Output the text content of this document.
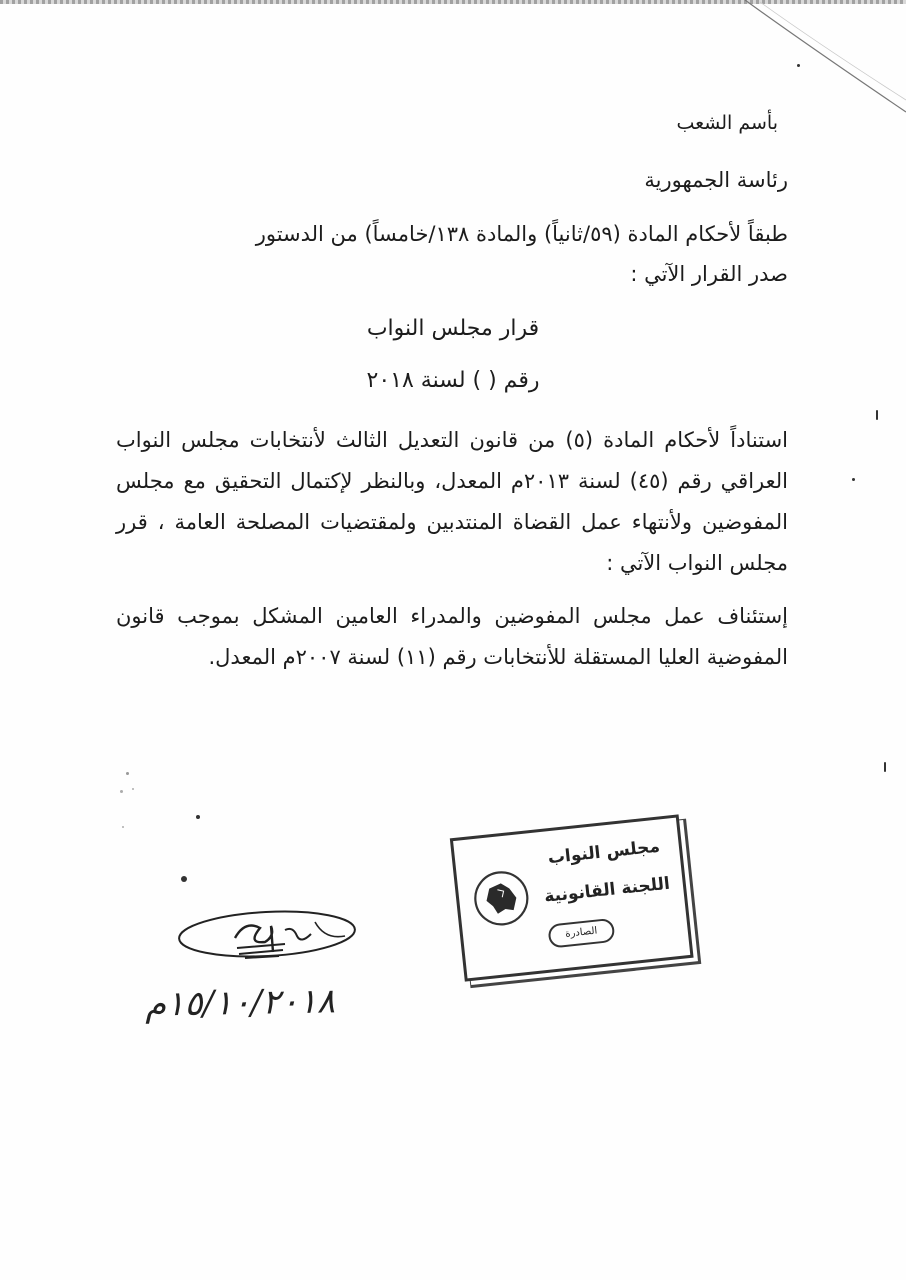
بأسم الشعب
رئاسة الجمهورية
طبقاً لأحكام المادة (٥٩/ثانياً) والمادة ١٣٨/خامساً) من الدستور
صدر القرار الآتي :
قرار مجلس النواب
رقم ( ) لسنة ٢٠١٨
استناداً لأحكام المادة (٥) من قانون التعديل الثالث لأنتخابات مجلس النواب العراقي رقم (٤٥) لسنة ٢٠١٣م المعدل، وبالنظر لإكتمال التحقيق مع مجلس المفوضين ولأنتهاء عمل القضاة المنتدبين ولمقتضيات المصلحة العامة ، قرر مجلس النواب الآتي :
إستئناف عمل مجلس المفوضين والمدراء العامين المشكل بموجب قانون المفوضية العليا المستقلة للأنتخابات رقم (١١) لسنة ٢٠٠٧م المعدل.
مجلس النواب
اللجنة القانونية
الصادرة
١٥/١٠/٢٠١٨م
